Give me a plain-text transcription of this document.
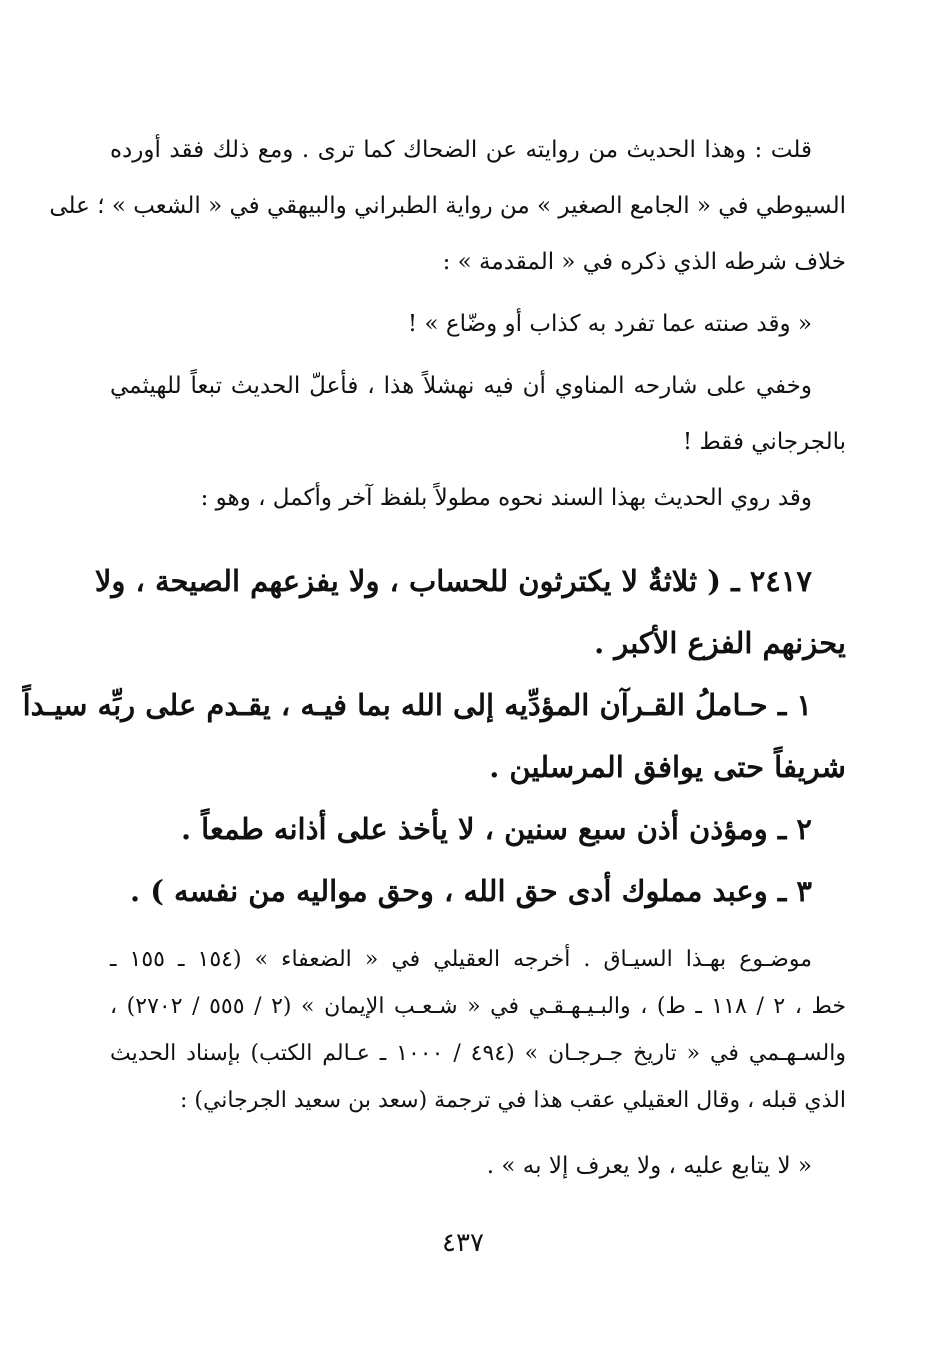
قلت : وهذا الحديث من روايته عن الضحاك كما ترى . ومع ذلك فقد أورده

السيوطي في « الجامع الصغير » من رواية الطبراني والبيهقي في « الشعب » ؛ على

خلاف شرطه الذي ذكره في « المقدمة » :

« وقد صنته عما تفرد به كذاب أو وضّاع » !

وخفي على شارحه المناوي أن فيه نهشلاً هذا ، فأعلّ الحديث تبعاً للهيثمي

بالجرجاني فقط !

وقد روي الحديث بهذا السند نحوه مطولاً بلفظ آخر وأكمل ، وهو :

٢٤١٧ ـ ( ثلاثةٌ لا يكترثون للحساب ، ولا يفزعهم الصيحة ، ولا

يحزنهم الفزع الأكبر .

١ ـ حـاملُ القـرآن المؤدِّيه إلى الله بما فيـه ، يقـدم على ربِّه سيـداً

شريفاً حتى يوافق المرسلين .

٢ ـ ومؤذن أذن سبع سنين ، لا يأخذ على أذانه طمعاً .

٣ ـ وعبد مملوك أدى حق الله ، وحق مواليه من نفسه ) .

موضـوع بهـذا السيـاق . أخرجه العقيلي في « الضعفاء » (١٥٤ ـ ١٥٥ ـ

خط ، ٢ / ١١٨ ـ ط) ، والبـيـهـقـي في « شـعـب الإيمان » (٢ / ٥٥٥ / ٢٧٠٢) ،

والسـهـمي في « تاريخ جـرجـان » (٤٩٤ / ١٠٠٠ ـ عـالم الكتب) بإسناد الحديث

الذي قبله ، وقال العقيلي عقب هذا في ترجمة (سعد بن سعيد الجرجاني) :

« لا يتابع عليه ، ولا يعرف إلا به » .

٤٣٧
